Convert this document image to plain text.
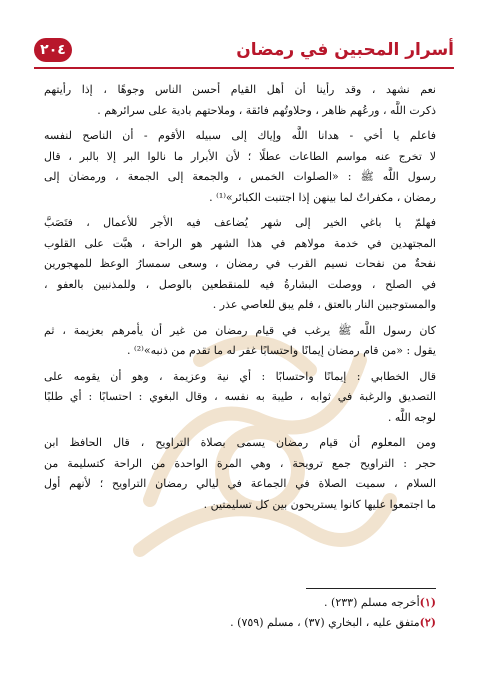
أسرار المحبين في رمضان
٢٠٤
نعم نشهد ، وقد رأينا أن أهل القيام أحسن الناس وجوهًا ، إذا رأيتهم
ذكرت اللَّه ، ورعُهم ظاهر ، وحلاوتُهم فائقة ، وملاحتهم بادية على سرائرهم .
فاعلم يا أخي - هدانا اللَّه وإياك إلى سبيله الأقوم - أن الناصح لنفسه
لا تخرج عنه مواسم الطاعات عطلًا ؛ لأن الأبرار ما نالوا البر إلا بالبر ، قال
رسول اللَّه ﷺ : «الصلوات الخمس ، والجمعة إلى الجمعة ، ورمضان إلى
رمضان ، مكفراتٌ لما بينهن إذا اجتنبت الكبائر»⁽¹⁾ .
فهلمّ يا باغي الخير إلى شهر يُضاعف فيه الأجر للأعمال ، فتَصَبَّ
المجتهدين في خدمة مولاهم في هذا الشهر هو الراحة ، هبَّت على القلوب
نفحةٌ من نفحات نسيم القرب في رمضان ، وسعى سمسارُ الوعظ للمهجورين
في الصلح ، ووصلت البشارةُ فيه للمنقطعين بالوصل ، وللمذنبين بالعفو ،
والمستوجبين النار بالعتق ، فلم يبق للعاصي عذر .
كان رسول اللَّه ﷺ يرغب في قيام رمضان من غير أن يأمرهم بعزيمة ، ثم
يقول : «من قام رمضان إيمانًا واحتسابًا غفر له ما تقدم من ذنبه»⁽²⁾ .
قال الخطابي : إيمانًا واحتسابًا : أي نية وعزيمة ، وهو أن يقومه على
التصديق والرغبة في ثوابه ، طيبة به نفسه ، وقال البغوي : احتسابًا : أي طلبًا
لوجه اللَّه .
ومن المعلوم أن قيام رمضان يسمى بصلاة التراويح ، قال الحافظ ابن
حجر : التراويح جمع ترويحة ، وهي المرة الواحدة من الراحة كتسليمة من
السلام ، سميت الصلاة في الجماعة في ليالي رمضان التراويح ؛ لأنهم أول
ما اجتمعوا عليها كانوا يستريحون بين كل تسليمتين .
(١)أخرجه مسلم (٢٣٣) .
(٢)متفق عليه ، البخاري (٣٧) ، مسلم (٧٥٩) .
